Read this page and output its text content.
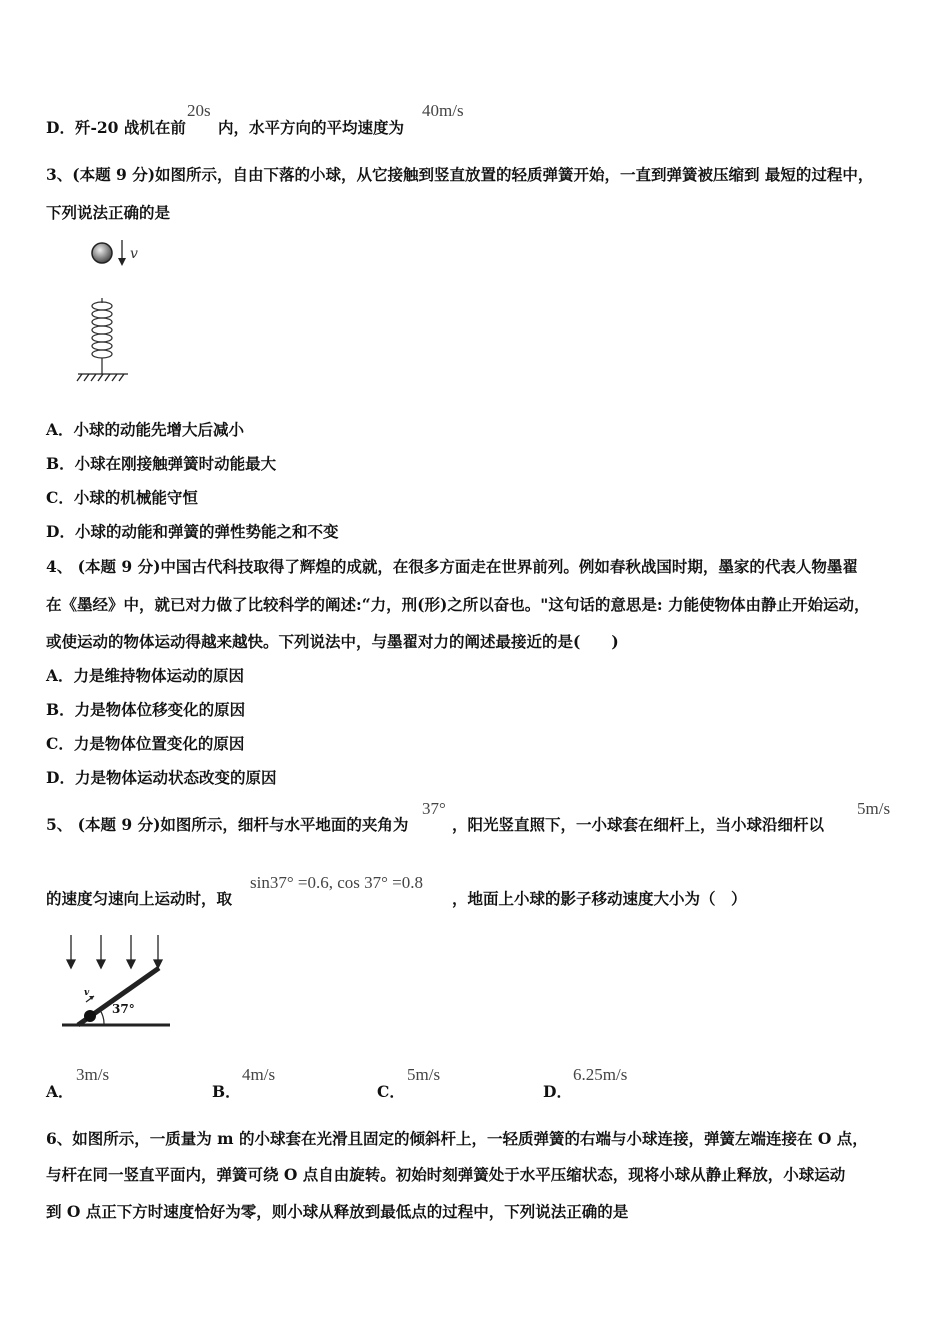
D．歼-20 战机在前
20s
内，水平方向的平均速度为
40m/s
3、(本题 9 分)如图所示，自由下落的小球，从它接触到竖直放置的轻质弹簧开始，一直到弹簧被压缩到 最短的过程中，
下列说法正确的是
v
A．小球的动能先增大后减小
B．小球在刚接触弹簧时动能最大
C．小球的机械能守恒
D．小球的动能和弹簧的弹性势能之和不变
4、 (本题 9 分)中国古代科技取得了辉煌的成就，在很多方面走在世界前列。例如春秋战国时期，墨家的代表人物墨翟
在《墨经》中，就已对力做了比较科学的阐述:“力，刑(形)之所以奋也。"这句话的意思是: 力能使物体由静止开始运动，
或使运动的物体运动得越来越快。下列说法中，与墨翟对力的阐述最接近的是(　　)
A．力是维持物体运动的原因
B．力是物体位移变化的原因
C．力是物体位置变化的原因
D．力是物体运动状态改变的原因
5、 (本题 9 分)如图所示，细杆与水平地面的夹角为
37°
，阳光竖直照下，一小球套在细杆上，当小球沿细杆以
5m/s
的速度匀速向上运动时，取
sin37° =0.6, cos 37° =0.8
，地面上小球的影子移动速度大小为（　）
37°
v
A．
3m/s
B．
4m/s
C．
5m/s
D．
6.25m/s
6、如图所示，一质量为 m 的小球套在光滑且固定的倾斜杆上，一轻质弹簧的右端与小球连接，弹簧左端连接在 O 点，
与杆在同一竖直平面内，弹簧可绕 O 点自由旋转。初始时刻弹簧处于水平压缩状态，现将小球从静止释放，小球运动
到 O 点正下方时速度恰好为零，则小球从释放到最低点的过程中，下列说法正确的是
